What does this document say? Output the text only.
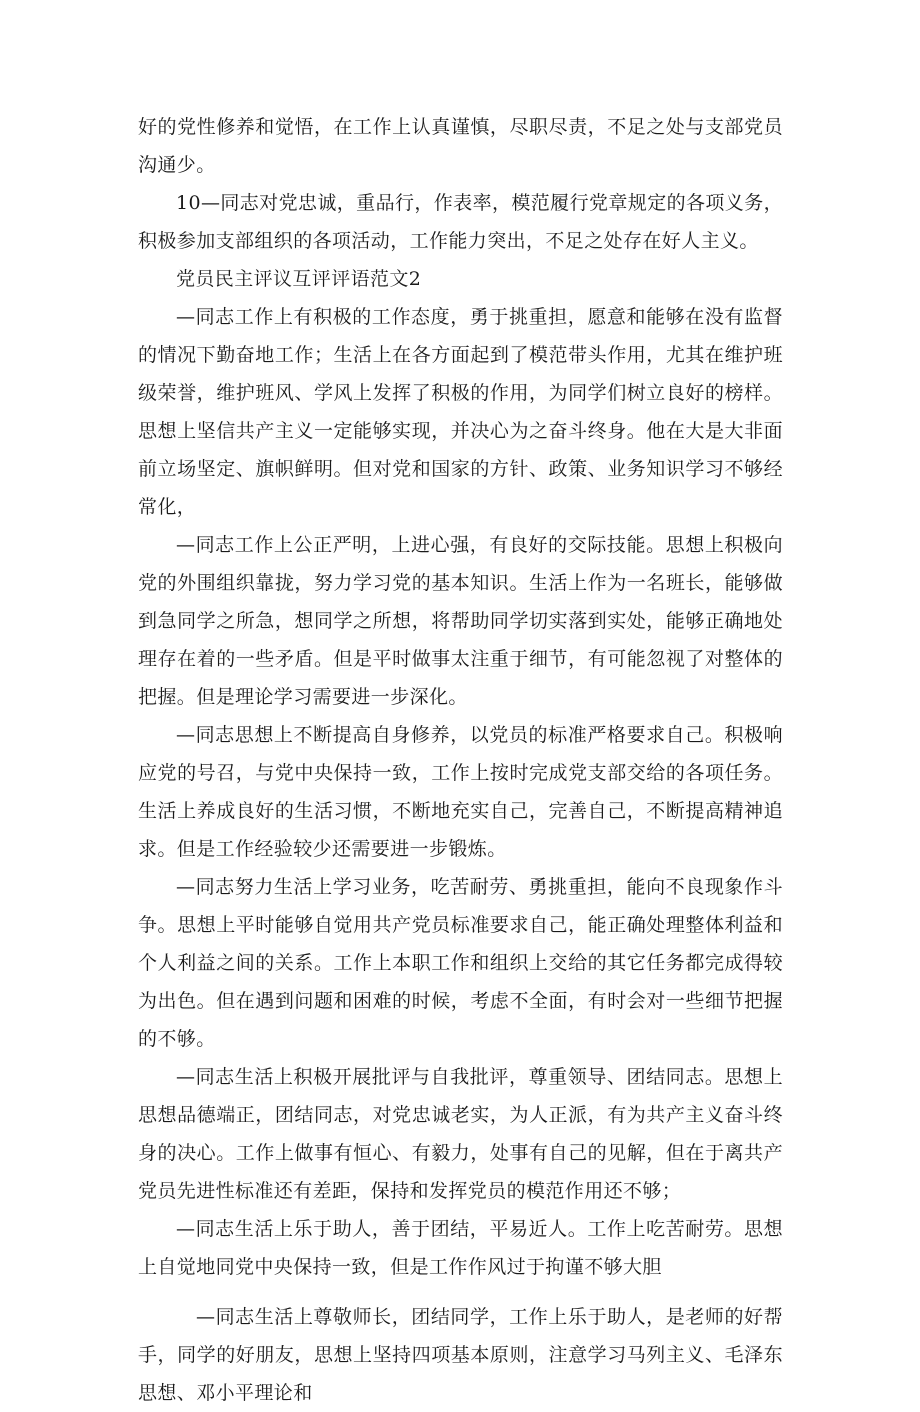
好的党性修养和觉悟，在工作上认真谨慎，尽职尽责，不足之处与支部党员沟通少。

10—同志对党忠诚，重品行，作表率，模范履行党章规定的各项义务，积极参加支部组织的各项活动，工作能力突出，不足之处存在好人主义。

党员民主评议互评评语范文2

—同志工作上有积极的工作态度，勇于挑重担，愿意和能够在没有监督的情况下勤奋地工作；生活上在各方面起到了模范带头作用，尤其在维护班级荣誉，维护班风、学风上发挥了积极的作用，为同学们树立良好的榜样。思想上坚信共产主义一定能够实现，并决心为之奋斗终身。他在大是大非面前立场坚定、旗帜鲜明。但对党和国家的方针、政策、业务知识学习不够经常化，

—同志工作上公正严明，上进心强，有良好的交际技能。思想上积极向党的外围组织靠拢，努力学习党的基本知识。生活上作为一名班长，能够做到急同学之所急，想同学之所想，将帮助同学切实落到实处，能够正确地处理存在着的一些矛盾。但是平时做事太注重于细节，有可能忽视了对整体的把握。但是理论学习需要进一步深化。

—同志思想上不断提高自身修养，以党员的标准严格要求自己。积极响应党的号召，与党中央保持一致，工作上按时完成党支部交给的各项任务。生活上养成良好的生活习惯，不断地充实自己，完善自己，不断提高精神追求。但是工作经验较少还需要进一步锻炼。

—同志努力生活上学习业务，吃苦耐劳、勇挑重担，能向不良现象作斗争。思想上平时能够自觉用共产党员标准要求自己，能正确处理整体利益和个人利益之间的关系。工作上本职工作和组织上交给的其它任务都完成得较为出色。但在遇到问题和困难的时候，考虑不全面，有时会对一些细节把握的不够。

—同志生活上积极开展批评与自我批评，尊重领导、团结同志。思想上思想品德端正，团结同志，对党忠诚老实，为人正派，有为共产主义奋斗终身的决心。工作上做事有恒心、有毅力，处事有自己的见解，但在于离共产党员先进性标准还有差距，保持和发挥党员的模范作用还不够；

—同志生活上乐于助人，善于团结，平易近人。工作上吃苦耐劳。思想上自觉地同党中央保持一致，但是工作作风过于拘谨不够大胆

—同志生活上尊敬师长，团结同学，工作上乐于助人，是老师的好帮手，同学的好朋友，思想上坚持四项基本原则，注意学习马列主义、毛泽东思想、邓小平理论和
